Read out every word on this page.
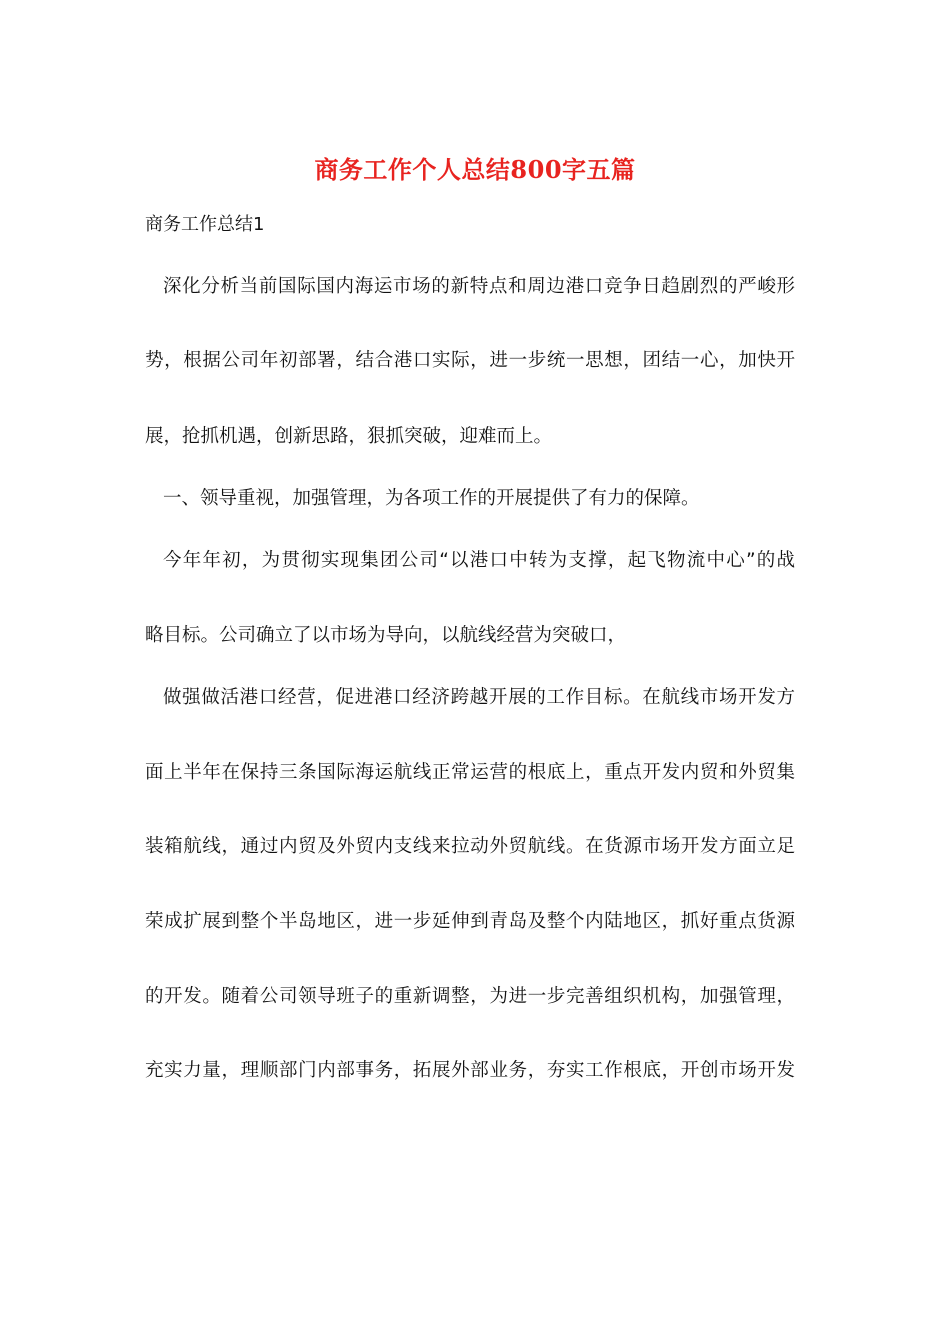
商务工作个人总结800字五篇
商务工作总结1
深化分析当前国际国内海运市场的新特点和周边港口竞争日趋剧烈的严峻形
势，根据公司年初部署，结合港口实际，进一步统一思想，团结一心，加快开
展，抢抓机遇，创新思路，狠抓突破，迎难而上。
一、领导重视，加强管理，为各项工作的开展提供了有力的保障。
今年年初，为贯彻实现集团公司“以港口中转为支撑，起飞物流中心”的战
略目标。公司确立了以市场为导向，以航线经营为突破口，
做强做活港口经营，促进港口经济跨越开展的工作目标。在航线市场开发方
面上半年在保持三条国际海运航线正常运营的根底上，重点开发内贸和外贸集
装箱航线，通过内贸及外贸内支线来拉动外贸航线。在货源市场开发方面立足
荣成扩展到整个半岛地区，进一步延伸到青岛及整个内陆地区，抓好重点货源
的开发。随着公司领导班子的重新调整，为进一步完善组织机构，加强管理，
充实力量，理顺部门内部事务，拓展外部业务，夯实工作根底，开创市场开发
